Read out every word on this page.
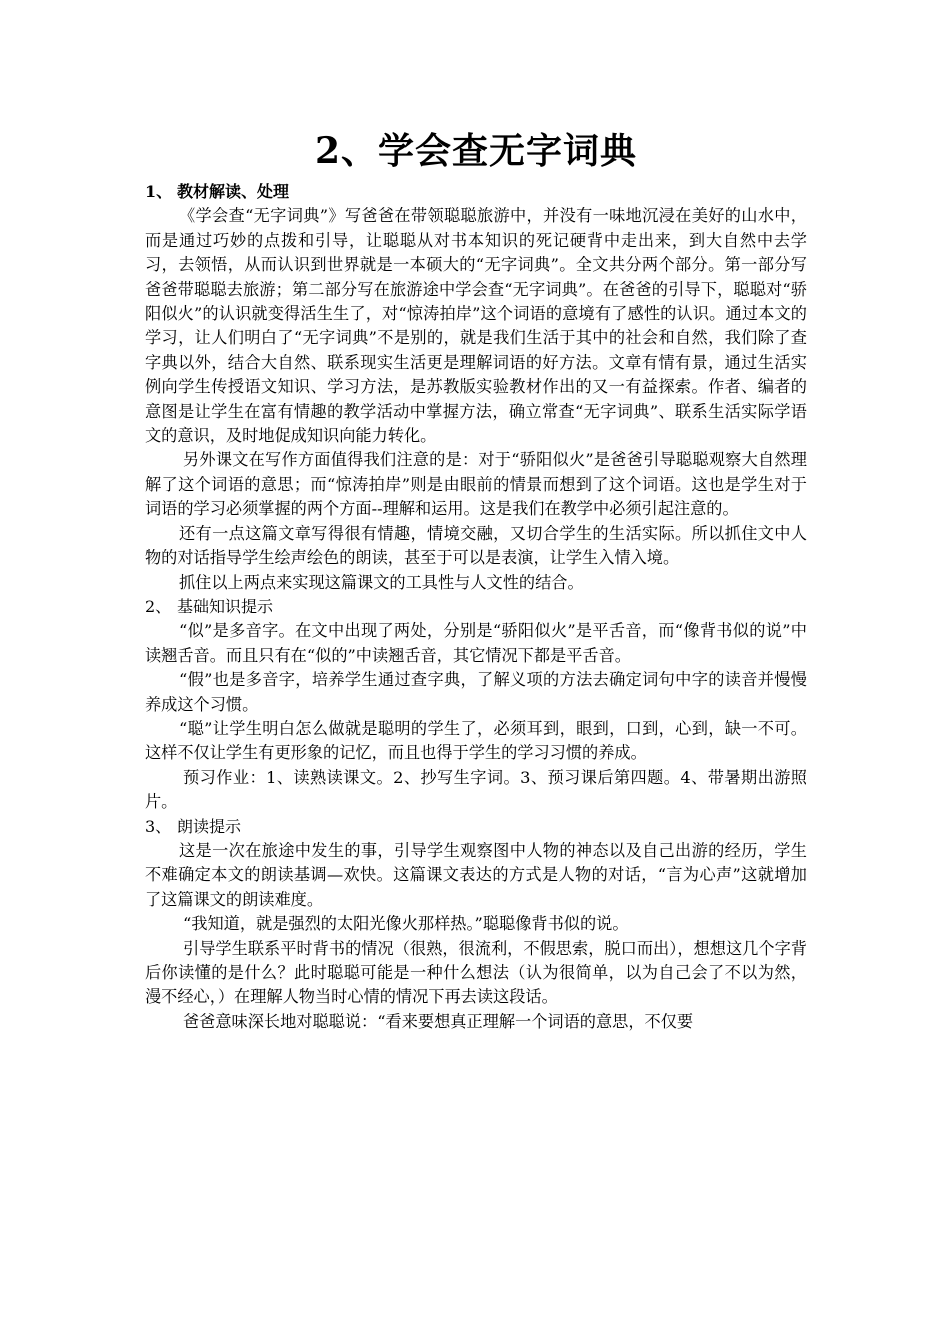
2、学会查无字词典

1、 教材解读、处理

《学会查“无字词典”》写爸爸在带领聪聪旅游中，并没有一味地沉浸在美好的山水中，而是通过巧妙的点拨和引导，让聪聪从对书本知识的死记硬背中走出来，到大自然中去学习，去领悟，从而认识到世界就是一本硕大的“无字词典”。全文共分两个部分。第一部分写爸爸带聪聪去旅游；第二部分写在旅游途中学会查“无字词典”。在爸爸的引导下，聪聪对“骄阳似火”的认识就变得活生生了，对“惊涛拍岸”这个词语的意境有了感性的认识。通过本文的学习，让人们明白了“无字词典”不是别的，就是我们生活于其中的社会和自然，我们除了查字典以外，结合大自然、联系现实生活更是理解词语的好方法。文章有情有景，通过生活实例向学生传授语文知识、学习方法，是苏教版实验教材作出的又一有益探索。作者、编者的意图是让学生在富有情趣的教学活动中掌握方法，确立常查“无字词典”、联系生活实际学语文的意识，及时地促成知识向能力转化。

另外课文在写作方面值得我们注意的是：对于“骄阳似火”是爸爸引导聪聪观察大自然理解了这个词语的意思；而“惊涛拍岸”则是由眼前的情景而想到了这个词语。这也是学生对于词语的学习必须掌握的两个方面--理解和运用。这是我们在教学中必须引起注意的。

还有一点这篇文章写得很有情趣，情境交融，又切合学生的生活实际。所以抓住文中人物的对话指导学生绘声绘色的朗读，甚至于可以是表演，让学生入情入境。

抓住以上两点来实现这篇课文的工具性与人文性的结合。

2、 基础知识提示

“似”是多音字。在文中出现了两处，分别是“骄阳似火”是平舌音，而“像背书似的说”中读翘舌音。而且只有在“似的”中读翘舌音，其它情况下都是平舌音。

“假”也是多音字，培养学生通过查字典，了解义项的方法去确定词句中字的读音并慢慢养成这个习惯。

“聪”让学生明白怎么做就是聪明的学生了，必须耳到，眼到，口到，心到，缺一不可。这样不仅让学生有更形象的记忆，而且也得于学生的学习习惯的养成。

预习作业：1、读熟读课文。2、抄写生字词。3、预习课后第四题。4、带暑期出游照片。

3、 朗读提示

这是一次在旅途中发生的事，引导学生观察图中人物的神态以及自己出游的经历，学生不难确定本文的朗读基调—欢快。这篇课文表达的方式是人物的对话，“言为心声”这就增加了这篇课文的朗读难度。

“我知道，就是强烈的太阳光像火那样热。”聪聪像背书似的说。

引导学生联系平时背书的情况（很熟，很流利，不假思索，脱口而出），想想这几个字背后你读懂的是什么？此时聪聪可能是一种什么想法（认为很简单，以为自己会了不以为然，漫不经心，）在理解人物当时心情的情况下再去读这段话。

爸爸意味深长地对聪聪说：“看来要想真正理解一个词语的意思，不仅要
